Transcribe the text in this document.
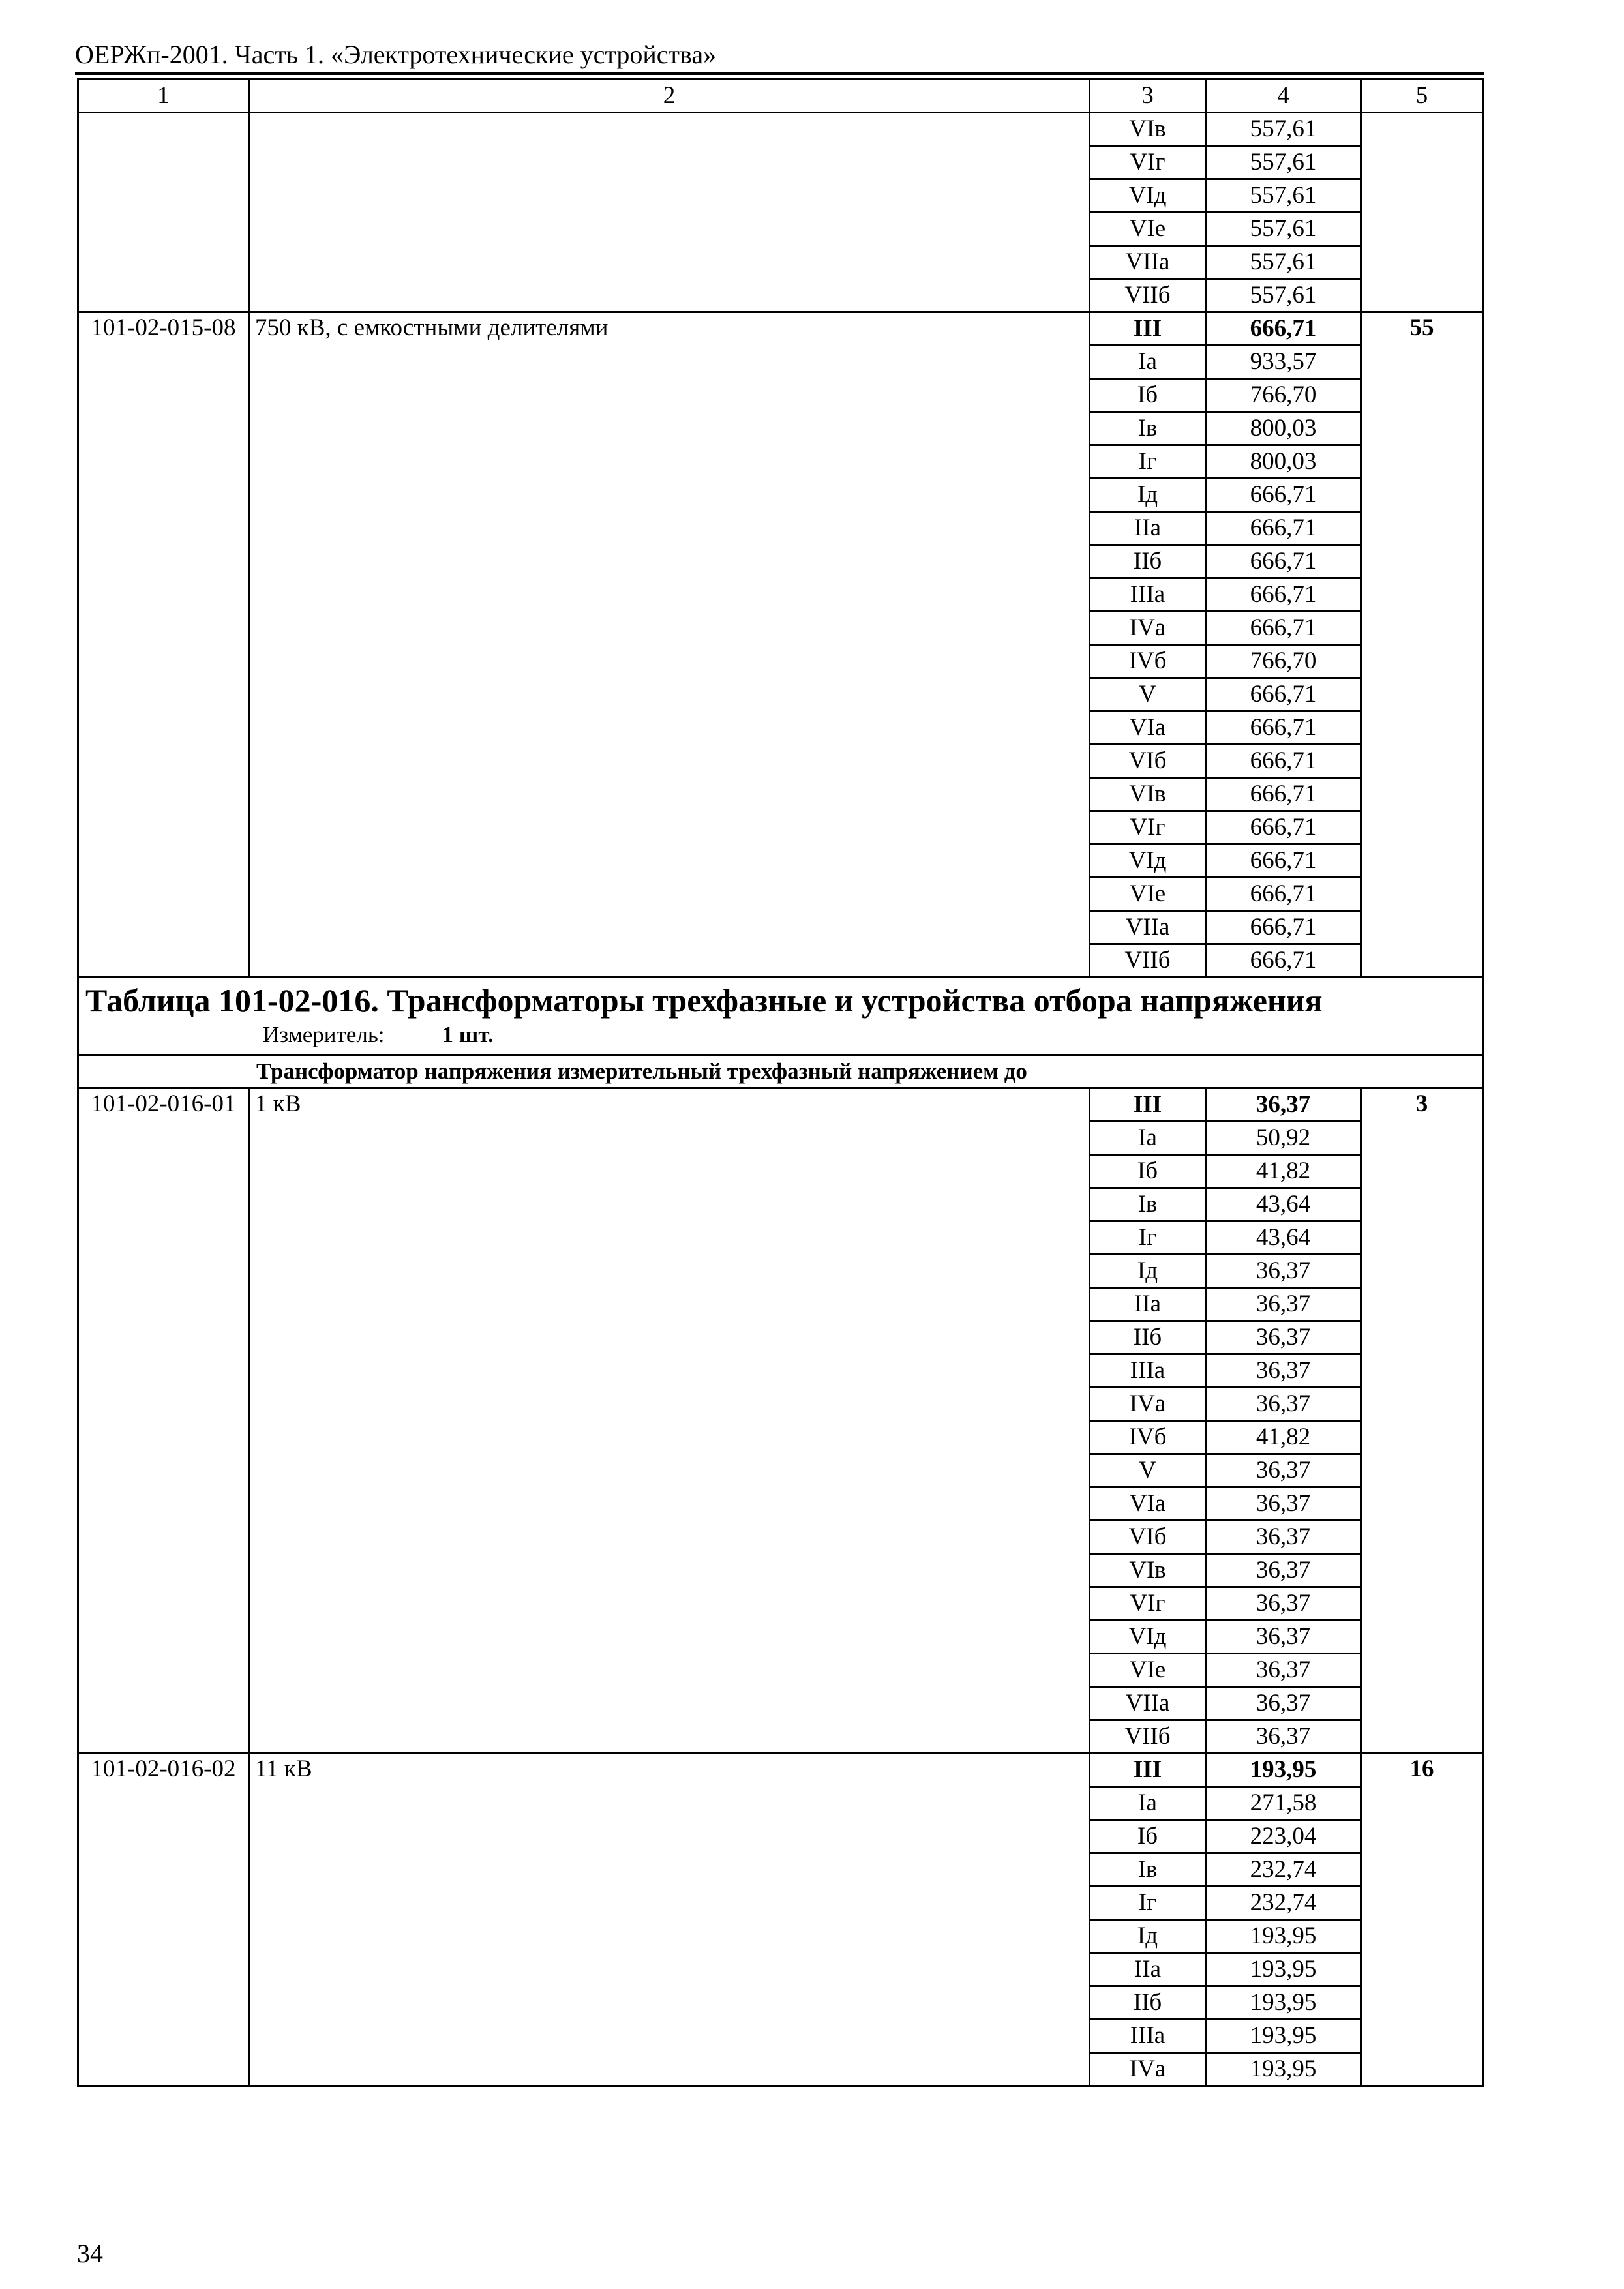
ОЕРЖп-2001. Часть 1. «Электротехнические устройства»
1	2	3	4	5
		VIв	557,61	
		VIг	557,61	
		VIд	557,61	
		VIе	557,61	
		VIIа	557,61	
		VIIб	557,61	
101-02-015-08	750 кВ, с емкостными делителями	III	666,71	55
		Iа	933,57	
		Iб	766,70	
		Iв	800,03	
		Iг	800,03	
		Iд	666,71	
		IIа	666,71	
		IIб	666,71	
		IIIа	666,71	
		IVа	666,71	
		IVб	766,70	
		V	666,71	
		VIа	666,71	
		VIб	666,71	
		VIв	666,71	
		VIг	666,71	
		VIд	666,71	
		VIе	666,71	
		VIIа	666,71	
		VIIб	666,71	

Таблица 101-02-016. Трансформаторы трехфазные и устройства отбора напряжения
Измеритель: 1 шт.				

Трансформатор напряжения измерительный трехфазный напряжением до				
101-02-016-01	1 кВ	III	36,37	3
		Iа	50,92	
		Iб	41,82	
		Iв	43,64	
		Iг	43,64	
		Iд	36,37	
		IIа	36,37	
		IIб	36,37	
		IIIа	36,37	
		IVа	36,37	
		IVб	41,82	
		V	36,37	
		VIа	36,37	
		VIб	36,37	
		VIв	36,37	
		VIг	36,37	
		VIд	36,37	
		VIе	36,37	
		VIIа	36,37	
		VIIб	36,37	
101-02-016-02	11 кВ	III	193,95	16
		Iа	271,58	
		Iб	223,04	
		Iв	232,74	
		Iг	232,74	
		Iд	193,95	
		IIа	193,95	
		IIб	193,95	
		IIIа	193,95	
		IVа	193,95	
34
